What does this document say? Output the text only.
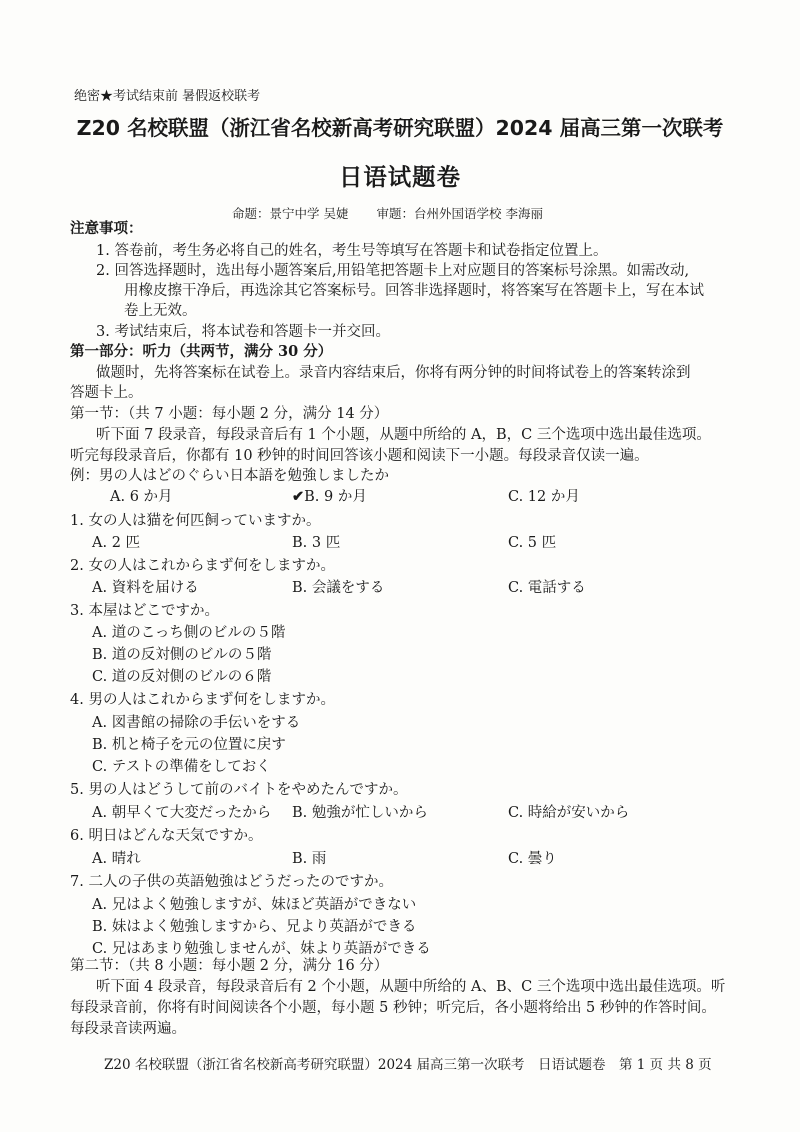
绝密★考试结束前 暑假返校联考
Z20 名校联盟（浙江省名校新高考研究联盟）2024 届高三第一次联考
日语试题卷
命题：景宁中学 吴婕 审题：台州外国语学校 李海丽
注意事项：
1. 答卷前，考生务必将自己的姓名，考生号等填写在答题卡和试卷指定位置上。
2. 回答选择题时，选出每小题答案后,用铅笔把答题卡上对应题目的答案标号涂黑。如需改动,
用橡皮擦干净后，再选涂其它答案标号。回答非选择题时，将答案写在答题卡上，写在本试
卷上无效。
3. 考试结束后，将本试卷和答题卡一并交回。
第一部分：听力（共两节，满分 30 分）
做题时，先将答案标在试卷上。录音内容结束后，你将有两分钟的时间将试卷上的答案转涂到
答题卡上。
第一节：（共 7 小题：每小题 2 分，满分 14 分）
听下面 7 段录音，每段录音后有 1 个小题，从题中所给的 A，B，C 三个选项中选出最佳选项。
听完每段录音后，你都有 10 秒钟的时间回答该小题和阅读下一小题。每段录音仅读一遍。
例：男の人はどのぐらい日本語を勉強しましたか
A. 6 か月	✔B. 9 か月	C. 12 か月
1. 女の人は猫を何匹飼っていますか。
A. 2 匹	B. 3 匹	C. 5 匹
2. 女の人はこれからまず何をしますか。
A. 資料を届ける	B. 会議をする	C. 電話する
3. 本屋はどこですか。
A. 道のこっち側のビルの５階
B. 道の反対側のビルの５階
C. 道の反対側のビルの６階
4. 男の人はこれからまず何をしますか。
A. 図書館の掃除の手伝いをする
B. 机と椅子を元の位置に戻す
C. テストの準備をしておく
5. 男の人はどうして前のバイトをやめたんですか。
A. 朝早くて大変だったから B. 勉強が忙しいから	C. 時給が安いから
6. 明日はどんな天気ですか。
A. 晴れ	B. 雨	C. 曇り
7. 二人の子供の英語勉強はどうだったのですか。
A. 兄はよく勉強しますが、妹ほど英語ができない
B. 妹はよく勉強しますから、兄より英語ができる
C. 兄はあまり勉強しませんが、妹より英語ができる
第二节：（共 8 小题：每小题 2 分，满分 16 分）
听下面 4 段录音，每段录音后有 2 个小题，从题中所给的 A、B、C 三个选项中选出最佳选项。听
每段录音前，你将有时间阅读各个小题，每小题 5 秒钟；听完后，各小题将给出 5 秒钟的作答时间。
每段录音读两遍。
Z20 名校联盟（浙江省名校新高考研究联盟）2024 届高三第一次联考　日语试题卷　第 1 页 共 8 页
